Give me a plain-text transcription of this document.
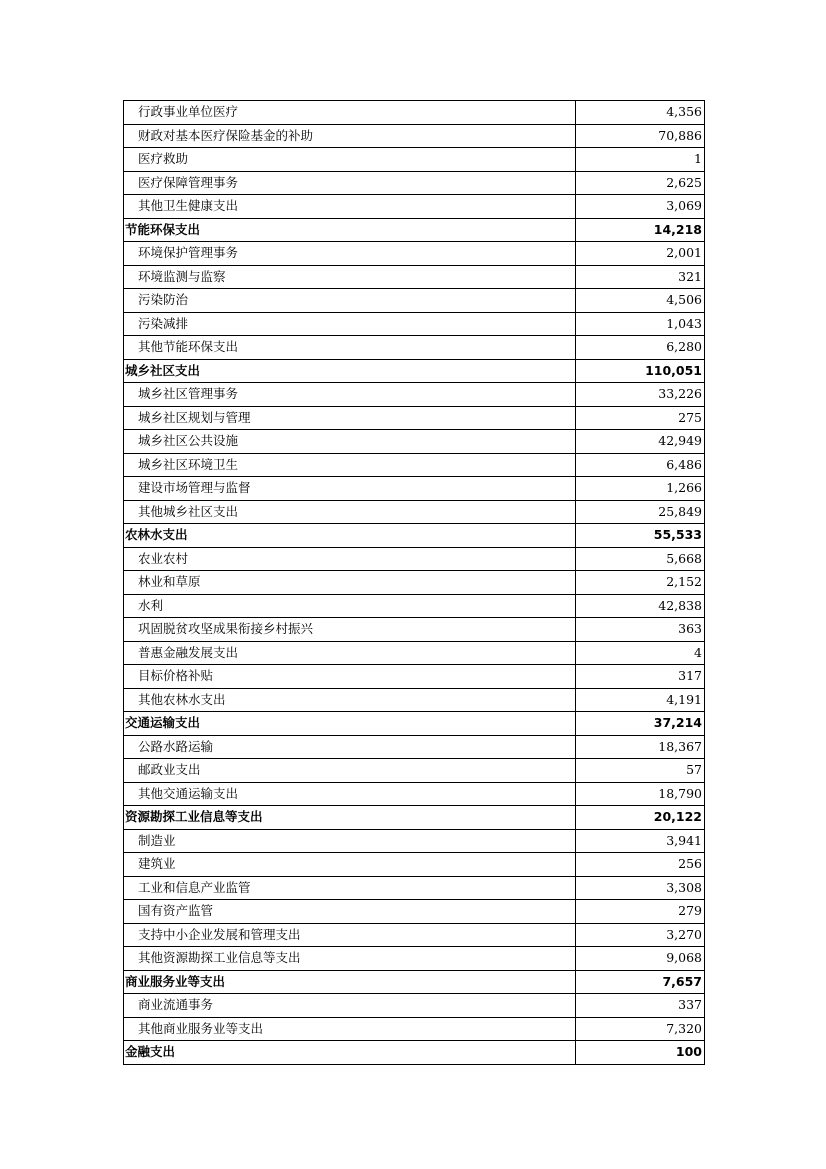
行政事业单位医疗	4,356
财政对基本医疗保险基金的补助	70,886
医疗救助	1
医疗保障管理事务	2,625
其他卫生健康支出	3,069
节能环保支出	14,218
环境保护管理事务	2,001
环境监测与监察	321
污染防治	4,506
污染减排	1,043
其他节能环保支出	6,280
城乡社区支出	110,051
城乡社区管理事务	33,226
城乡社区规划与管理	275
城乡社区公共设施	42,949
城乡社区环境卫生	6,486
建设市场管理与监督	1,266
其他城乡社区支出	25,849
农林水支出	55,533
农业农村	5,668
林业和草原	2,152
水利	42,838
巩固脱贫攻坚成果衔接乡村振兴	363
普惠金融发展支出	4
目标价格补贴	317
其他农林水支出	4,191
交通运输支出	37,214
公路水路运输	18,367
邮政业支出	57
其他交通运输支出	18,790
资源勘探工业信息等支出	20,122
制造业	3,941
建筑业	256
工业和信息产业监管	3,308
国有资产监管	279
支持中小企业发展和管理支出	3,270
其他资源勘探工业信息等支出	9,068
商业服务业等支出	7,657
商业流通事务	337
其他商业服务业等支出	7,320
金融支出	100
